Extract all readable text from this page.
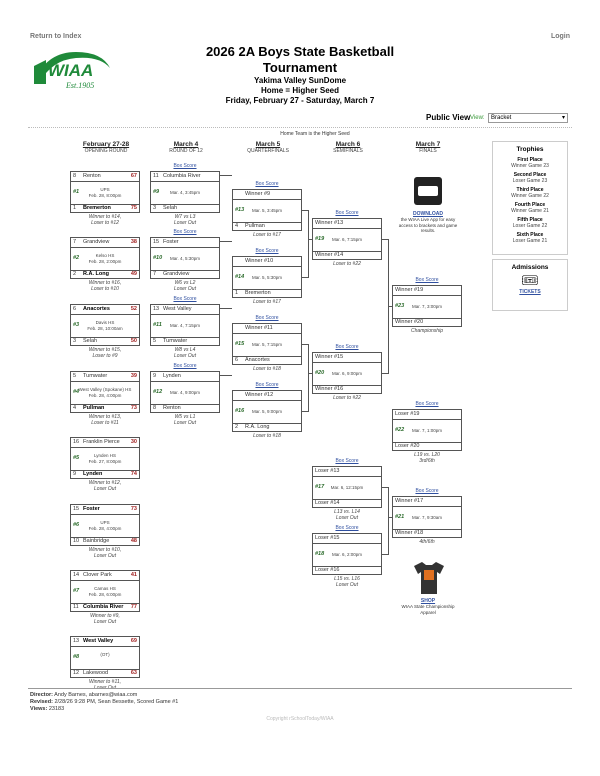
Return to Index	Login
WIAA
Est.1905
2026 2A Boys State Basketball
Tournament
Yakima Valley SunDome
Home = Higher Seed
Friday, February 27 - Saturday, March 7
Public View View:	Bracket	▾
Home Team is the Higher Seed
February 27-28
OPENING ROUND
March 4
ROUND OF 12
March 5
QUARTERFINALS
March 6
SEMIFINALS
March 7
FINALS
8 Renton	67
#1	UPS
Feb. 28, 8:00pm
1 Bremerton	75
Winner to #14,
Loser to #12
7 Grandview	38
#2	Kelso HS
Feb. 28, 2:00pm
2 R.A. Long	49
Winner to #16,
Loser to #10
6 Anacortes	52
#3	Davis HS
Feb. 28, 10:00am
3 Selah	50
Winner to #15,
Loser to #9
5 Tumwater	39
#4 West Valley (Spokane) HS
Feb. 28, 4:00pm
4 Pullman	73
Winner to #13,
Loser to #11
16 Franklin Pierce 30
#5	Lynden HS
Feb. 27, 8:00pm
9 Lynden	74
Winner to #12,
Loser Out
15 Foster	73
#6	UPS
Feb. 28, 4:00pm
10 Bainbridge	48
Winner to #10,
Loser Out
14 Clover Park	41
#7	Camas HS
Feb. 28, 6:00pm
11 Columbia River 77
Winner to #9,
Loser Out
13 West Valley	69
#8	(OT)
12 Lakewood	63
Winner to #11,
Loser Out
Box Score
11 Columbia River
#9	Mar. 4, 3:45pm
3 Selah
W7 vs L3
Loser Out
Box Score
15 Foster
#10	Mar. 4, 5:30pm
7 Grandview
W6 vs L2
Loser Out
Box Score
13 West Valley
#11	Mar. 4, 7:15pm
5 Tumwater
W8 vs L4
Loser Out
Box Score
9 Lynden
#12	Mar. 4, 9:00pm
8 Renton
W5 vs L1
Loser Out
Box Score
Winner #9
#13	Mar. 5, 3:45pm
4 Pullman
Loser to #17
Box Score
Winner #10
#14	Mar. 5, 5:30pm
1 Bremerton
Loser to #17
Box Score
Winner #11
#15	Mar. 5, 7:15pm
6 Anacortes
Loser to #18
Box Score
Winner #12
#16	Mar. 5, 9:00pm
2 R.A. Long
Loser to #18
Box Score
Winner #13
#19	Mar. 6, 7:15pm
Winner #14
Loser to #22
Box Score
Winner #15
#20	Mar. 6, 9:00pm
Winner #16
Loser to #22
Box Score
Loser #13
#17	Mar. 6, 12:15pm
Loser #14
L13 vs. L14
Loser Out
Box Score
Loser #15
#18	Mar. 6, 2:00pm
Loser #16
L15 vs. L16
Loser Out
Box Score
Winner #19
#23	Mar. 7, 3:00pm
Winner #20
Championship
Box Score
Loser #19
#22	Mar. 7, 1:00pm
Loser #20
L19 vs. L20
3rd/6th
Box Score
Winner #17
#21	Mar. 7, 9:30am
Winner #18
4th/6th
DOWNLOAD
the WIAA Live App for easy access to brackets and game results.
SHOP
WIAA State Championship Apparel
Trophies
First Place
Winner Game 23
Second Place
Loser Game 23
Third Place
Winner Game 22
Fourth Place
Winner Game 21
Fifth Place
Loser Game 22
Sixth Place
Loser Game 21
Admissions
🎟
TICKETS
Director: Andy Barnes, abarnes@wiaa.com
Revised: 2/28/26 9:28 PM, Sean Bessette, Scored Game #1
Views: 23183
Copyright rSchoolToday/WIAA
